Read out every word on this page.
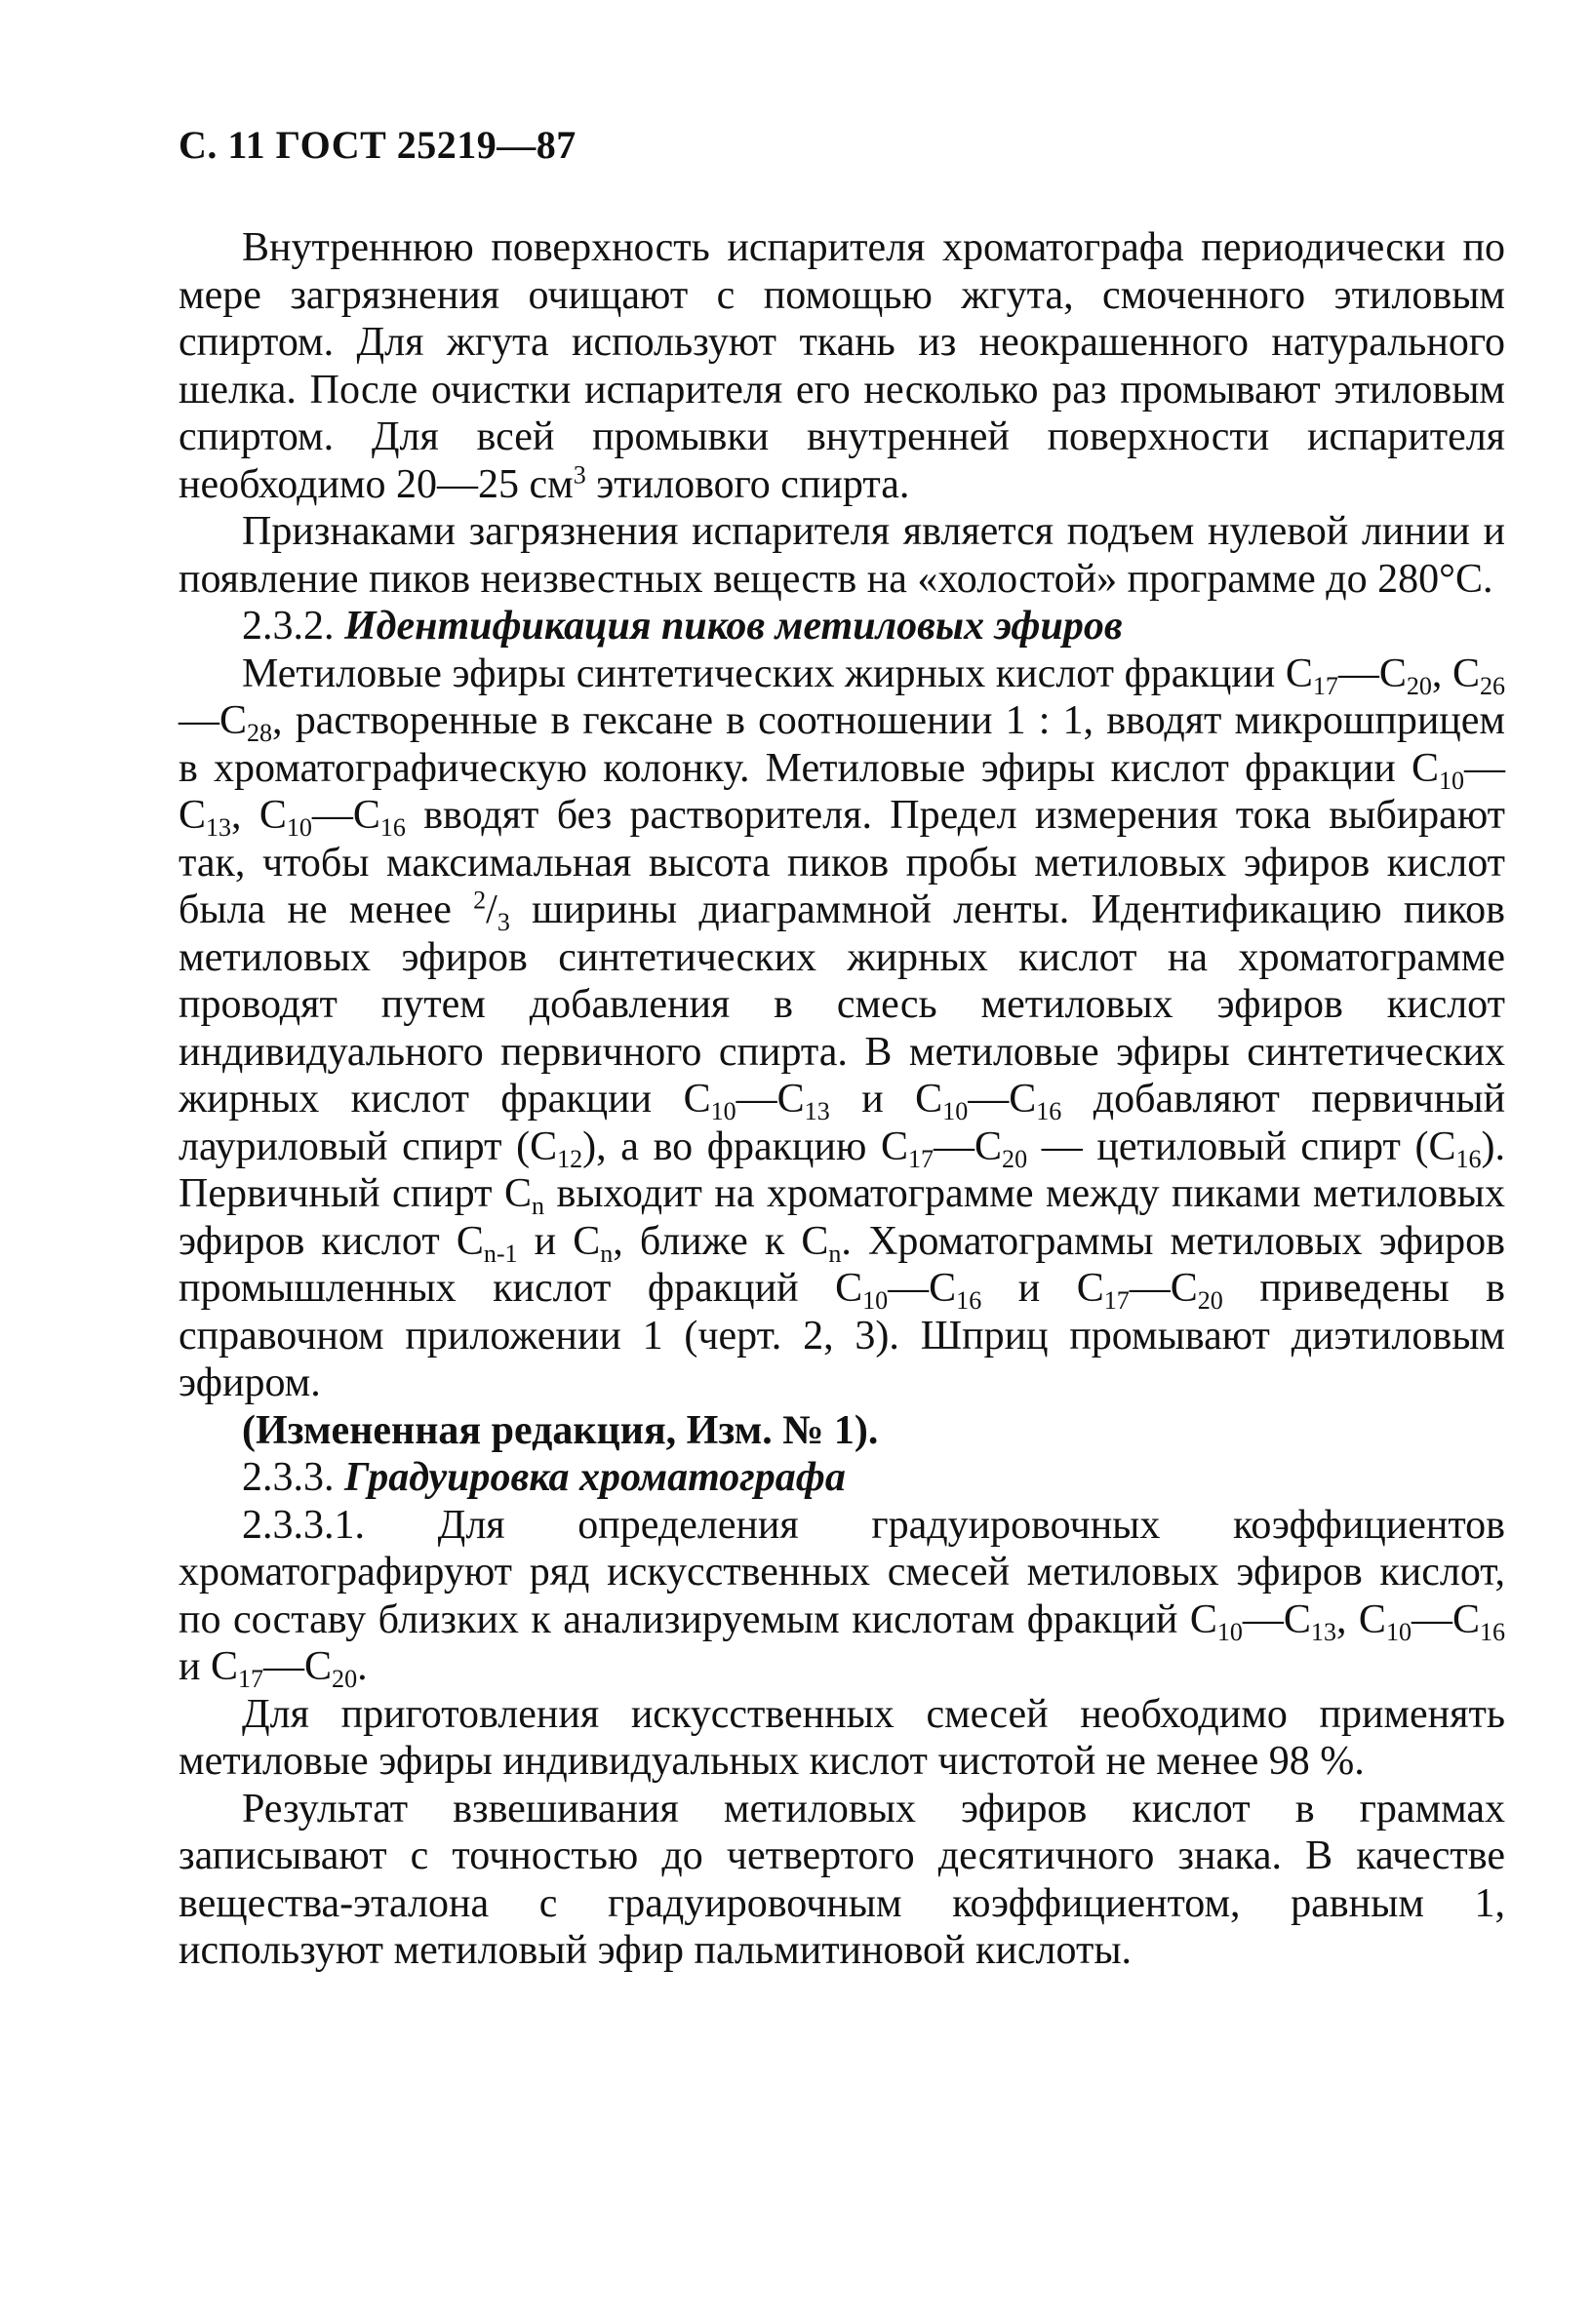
С. 11 ГОСТ 25219—87

Внутреннюю поверхность испарителя хроматографа периодически по мере загрязнения очищают с помощью жгута, смоченного этиловым спиртом. Для жгута используют ткань из неокрашенного натурального шелка. После очистки испарителя его несколько раз промывают этиловым спиртом. Для всей промывки внутренней поверхности испарителя необходимо 20—25 $см^3$ этилового спирта.

Признаками загрязнения испарителя является подъем нулевой линии и появление пиков неизвестных веществ на «холостой» программе до 280°С.

2.3.2. Идентификация пиков метиловых эфиров

Метиловые эфиры синтетических жирных кислот фракции $С_{17}—С_{20}$, $С_{26}—С_{28}$, растворенные в гексане в соотношении 1 : 1, вводят микрошприцем в хроматографическую колонку. Метиловые эфиры кислот фракции $С_{10}—С_{13}$, $С_{10}—С_{16}$ вводят без растворителя. Предел измерения тока выбирают так, чтобы максимальная высота пиков пробы метиловых эфиров кислот была не менее $^2/_3$ ширины диаграммной ленты. Идентификацию пиков метиловых эфиров синтетических жирных кислот на хроматограмме проводят путем добавления в смесь метиловых эфиров кислот индивидуального первичного спирта. В метиловые эфиры синтетических жирных кислот фракции $С_{10}—С_{13}$ и $С_{10}—С_{16}$ добавляют первичный лауриловый спирт $(С_{12})$, а во фракцию $С_{17}—С_{20}$ — цетиловый спирт $(С_{16})$. Первичный спирт $С_n$ выходит на хроматограмме между пиками метиловых эфиров кислот $С_{n-1}$ и $С_n$, ближе к $С_n$. Хроматограммы метиловых эфиров промышленных кислот фракций $С_{10}—С_{16}$ и $С_{17}—С_{20}$ приведены в справочном приложении 1 (черт. 2, 3). Шприц промывают диэтиловым эфиром.

(Измененная редакция, Изм. № 1).

2.3.3. Градуировка хроматографа

2.3.3.1. Для определения градуировочных коэффициентов хроматографируют ряд искусственных смесей метиловых эфиров кислот, по составу близких к анализируемым кислотам фракций $С_{10}—С_{13}$, $С_{10}—С_{16}$ и $С_{17}—С_{20}$.

Для приготовления искусственных смесей необходимо применять метиловые эфиры индивидуальных кислот чистотой не менее 98 %.

Результат взвешивания метиловых эфиров кислот в граммах записывают с точностью до четвертого десятичного знака. В качестве вещества-эталона с градуировочным коэффициентом, равным 1, используют метиловый эфир пальмитиновой кислоты.
